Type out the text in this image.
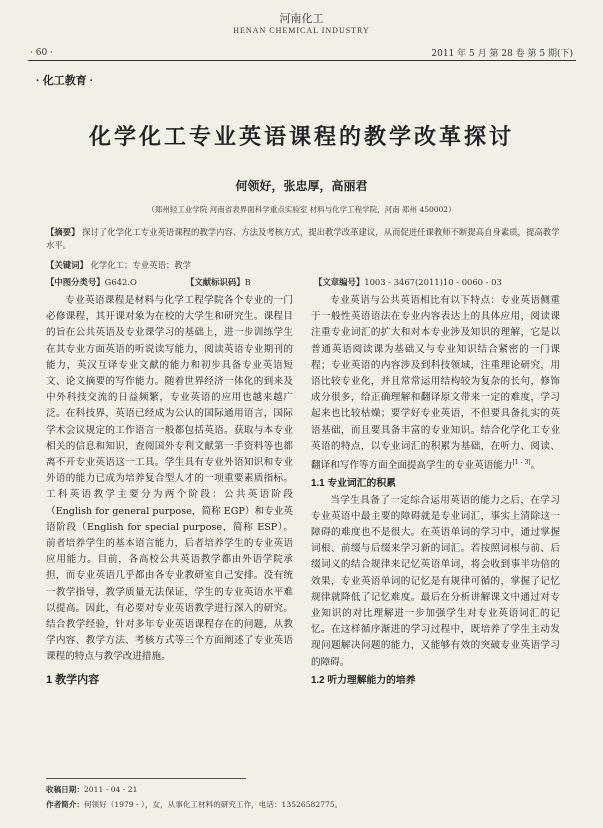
河南化工
HENAN CHEMICAL INDUSTRY
· 60 ·	2011 年 5 月 第 28 卷 第 5 期(下)
· 化工教育 ·
化学化工专业英语课程的教学改革探讨
何领好，张忠厚，高丽君
（郑州轻工业学院 河南省表界面科学重点实验室 材料与化学工程学院，河南 郑州 450002）
【摘要】 探讨了化学化工专业英语课程的教学内容、方法及考核方式，提出教学改革建议，从而促进任课教师不断提高自身素质，提高教学水平。
【关键词】 化学化工；专业英语；教学
【中图分类号】G642.O	【文献标识码】B	【文章编号】1003 - 3467(2011)10 - 0060 - 03

专业英语课程是材料与化学工程学院各个专业的一门必修课程，其开课对象为在校的大学生和研究生。课程目的旨在公共英语及专业课学习的基础上，进一步训练学生在其专业方面英语的听说读写能力，阅读英语专业期刊的能力，英汉互译专业文献的能力和初步具备专业英语短文、论文摘要的写作能力。随着世界经济一体化的到来及中外科技交流的日益频繁，专业英语的应用也越来越广泛。在科技界，英语已经成为公认的国际通用语言，国际学术会议规定的工作语言一般都包括英语。获取与本专业相关的信息和知识，查阅国外专利文献第一手资料等也都离不开专业英语这一工具。学生具有专业外语知识和专业外语的能力已成为培养复合型人才的一项重要素质指标。工科英语教学主要分为两个阶段：公共英语阶段（English for general purpose，简称 EGP）和专业英语阶段（English for special purpose，简称 ESP）。前者培养学生的基本语言能力，后者培养学生的专业英语应用能力。目前，各高校公共英语教学都由外语学院承担，而专业英语几乎都由各专业教研室自己安排。没有统一教学指导，教学质量无法保证，学生的专业英语水平难以提高。因此，有必要对专业英语教学进行深入的研究。结合教学经验，针对多年专业英语课程存在的问题，从教学内容、教学方法、考核方式等三个方面阐述了专业英语课程的特点与教学改进措施。

1 教学内容

专业英语与公共英语相比有以下特点：专业英语侧重于一般性英语语法在专业内容表达上的具体应用，阅读课注重专业词汇的扩大和对本专业涉及知识的理解，它是以普通英语阅读课为基础又与专业知识结合紧密的一门课程；专业英语的内容涉及到科技领域，注重理论研究，用语比较专业化，并且常常运用结构较为复杂的长句，修饰成分很多，给正确理解和翻译原文带来一定的难度，学习起来也比较枯燥；要学好专业英语，不但要具备扎实的英语基础，而且要具备丰富的专业知识。结合化学化工专业英语的特点，以专业词汇的积累为基础，在听力、阅读、翻译和写作等方面全面提高学生的专业英语能力[1 - 3]。

1.1 专业词汇的积累

当学生具备了一定综合运用英语的能力之后，在学习专业英语中最主要的障碍就是专业词汇，事实上清除这一障碍的难度也不是很大。在英语单词的学习中，通过掌握词根、前缀与后缀来学习新的词汇。若按照词根与前、后缀词义的结合规律来记忆英语单词，将会收到事半功倍的效果，专业英语单词的记忆是有规律可循的，掌握了记忆规律就降低了记忆难度。最后在分析讲解课文中通过对专业知识的对比理解进一步加强学生对专业英语词汇的记忆。在这样循序渐进的学习过程中，既培养了学生主动发现问题解决问题的能力，又能够有效的突破专业英语学习的障碍。

1.2 听力理解能力的培养
收稿日期：2011 - 04 - 21
作者简介：何领好（1979 - ），女，从事化工材料的研究工作，电话：13526582775。
